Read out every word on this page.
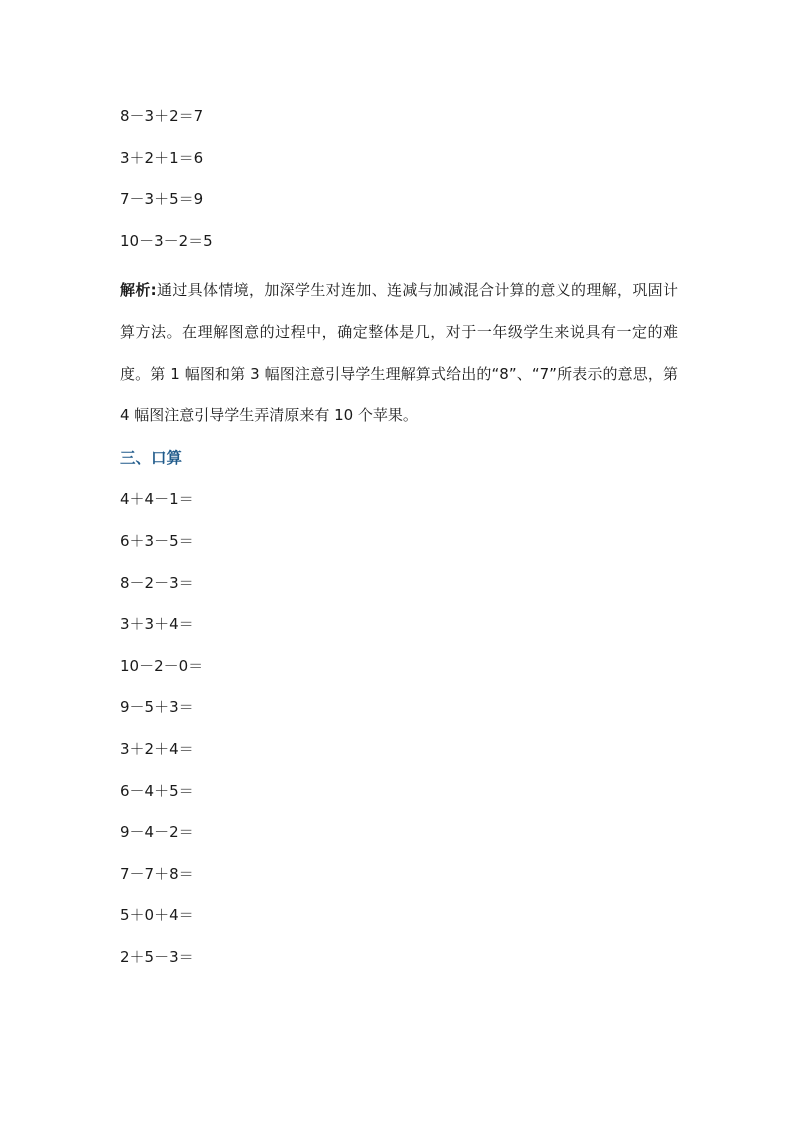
8－3＋2＝7
3＋2＋1＝6
7－3＋5＝9
10－3－2＝5

解析:通过具体情境，加深学生对连加、连减与加减混合计算的意义的理解，巩固计算方法。在理解图意的过程中，确定整体是几，对于一年级学生来说具有一定的难度。第 1 幅图和第 3 幅图注意引导学生理解算式给出的“8”、“7”所表示的意思，第 4 幅图注意引导学生弄清原来有 10 个苹果。

三、口算
4＋4－1＝
6＋3－5＝
8－2－3＝
3＋3＋4＝
10－2－0＝
9－5＋3＝
3＋2＋4＝
6－4＋5＝
9－4－2＝
7－7＋8＝
5＋0＋4＝
2＋5－3＝
